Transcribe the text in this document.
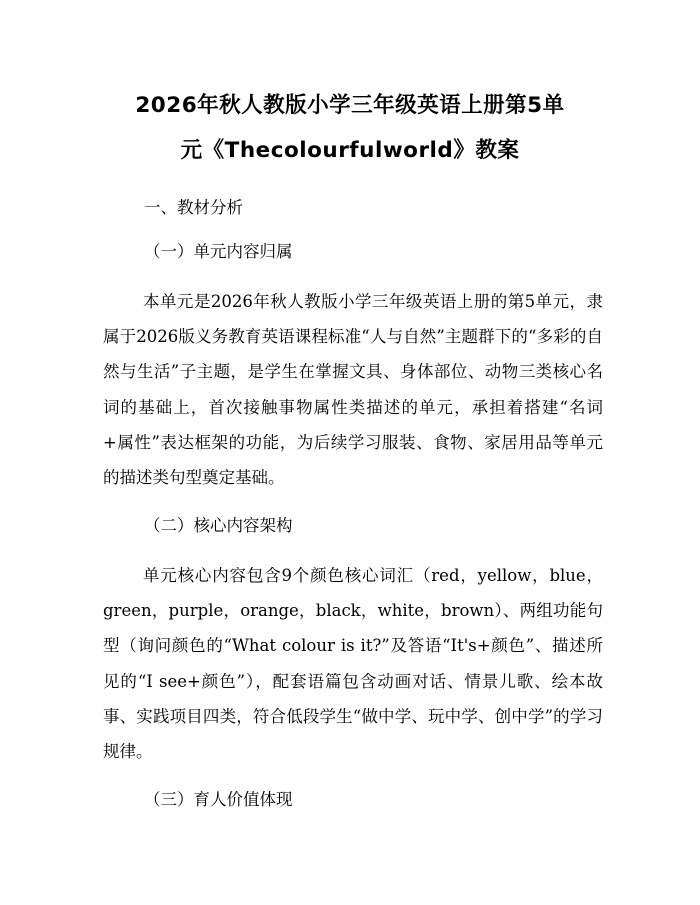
2026年秋人教版小学三年级英语上册第5单
元《Thecolourfulworld》教案
一、教材分析
（一）单元内容归属
本单元是2026年秋人教版小学三年级英语上册的第5单元，隶属于2026版义务教育英语课程标准“人与自然”主题群下的“多彩的自然与生活”子主题，是学生在掌握文具、身体部位、动物三类核心名词的基础上，首次接触事物属性类描述的单元，承担着搭建“名词+属性”表达框架的功能，为后续学习服装、食物、家居用品等单元的描述类句型奠定基础。
（二）核心内容架构
单元核心内容包含9个颜色核心词汇（red，yellow，blue，green，purple，orange，black，white，brown）、两组功能句型（询问颜色的“What colour is it?”及答语“It's+颜色”、描述所见的“I see+颜色”），配套语篇包含动画对话、情景儿歌、绘本故事、实践项目四类，符合低段学生“做中学、玩中学、创中学”的学习规律。
（三）育人价值体现
